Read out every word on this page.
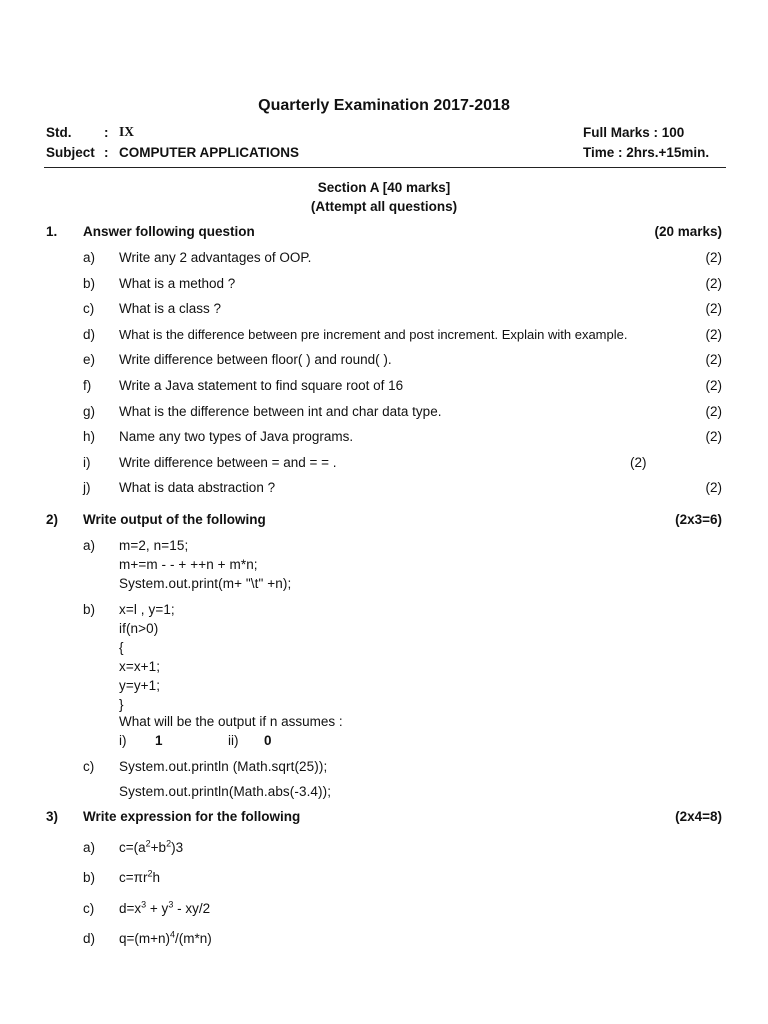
Quarterly Examination 2017-2018
Std. : IX	Full Marks : 100
Subject : COMPUTER APPLICATIONS	Time : 2hrs.+15min.
Section A [40 marks]
(Attempt all questions)
1. Answer following question	(20 marks)
a) Write any 2 advantages of OOP.	(2)
b) What is a method ?	(2)
c) What is a class ?	(2)
d) What is the difference between pre increment and post increment. Explain with example.	(2)
e) Write difference between floor( ) and round( ).	(2)
f) Write a Java statement to find square root of 16	(2)
g) What is the difference between int and char data type.	(2)
h) Name any two types of Java programs.	(2)
i) Write difference between = and = = .	(2)
j) What is data abstraction ?	(2)
2) Write output of the following	(2x3=6)
a) m=2, n=15;
m+=m - - + ++n + m*n;
System.out.print(m+ "\t" +n);
b) x=l , y=1;
if(n>0)
{
x=x+1;
y=y+1;
}
What will be the output if n assumes :
i) 1	ii) 0
c) System.out.println (Math.sqrt(25));
System.out.println(Math.abs(-3.4));
3) Write expression for the following	(2x4=8)
a) $c=(a^2+b^2)3$
b) $c=\pi r^2h$
c) $d=x^3 + y^3 - xy/2$
d) $q=(m+n)^4/(m*n)$
